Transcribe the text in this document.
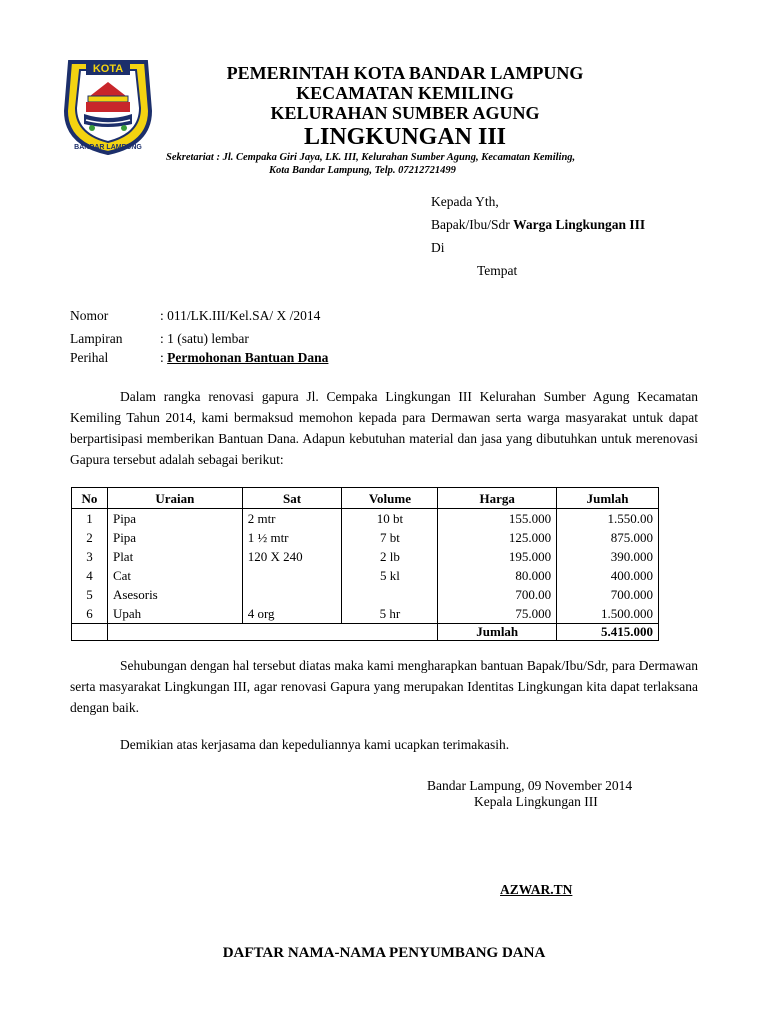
KOTA
BANDAR LAMPUNG
PEMERINTAH KOTA BANDAR LAMPUNG
KECAMATAN KEMILING
KELURAHAN SUMBER AGUNG
LINGKUNGAN III
Sekretariat : Jl. Cempaka Giri Jaya, LK. III, Kelurahan Sumber Agung, Kecamatan Kemiling,
Kota Bandar Lampung, Telp. 07212721499
Kepada Yth,
Bapak/Ibu/Sdr Warga Lingkungan III
Di
Tempat
Nomor	: 011/LK.III/Kel.SA/ X /2014
Lampiran	: 1 (satu) lembar
Perihal	: Permohonan Bantuan Dana
Dalam rangka renovasi gapura Jl. Cempaka Lingkungan III Kelurahan Sumber Agung Kecamatan Kemiling Tahun 2014, kami bermaksud memohon kepada para Dermawan serta warga masyarakat untuk dapat berpartisipasi memberikan Bantuan Dana. Adapun kebutuhan material dan jasa yang dibutuhkan untuk merenovasi Gapura tersebut adalah sebagai berikut:
No	Uraian	Sat	Volume	Harga	Jumlah
1	Pipa	2 mtr	10 bt	155.000	1.550.00
2	Pipa	1 ½ mtr	7 bt	125.000	875.000
3	Plat	120 X 240	2 lb	195.000	390.000
4	Cat		5 kl	80.000	400.000
5	Asesoris			700.00	700.000
6	Upah	4 org	5 hr	75.000	1.500.000
				Jumlah	5.415.000
Sehubungan dengan hal tersebut diatas maka kami mengharapkan bantuan Bapak/Ibu/Sdr, para Dermawan serta masyarakat Lingkungan III, agar renovasi Gapura yang merupakan Identitas Lingkungan kita dapat terlaksana dengan baik.
Demikian atas kerjasama dan kepeduliannya kami ucapkan terimakasih.
Bandar Lampung, 09 November 2014
Kepala Lingkungan III
AZWAR.TN
DAFTAR NAMA-NAMA PENYUMBANG DANA
